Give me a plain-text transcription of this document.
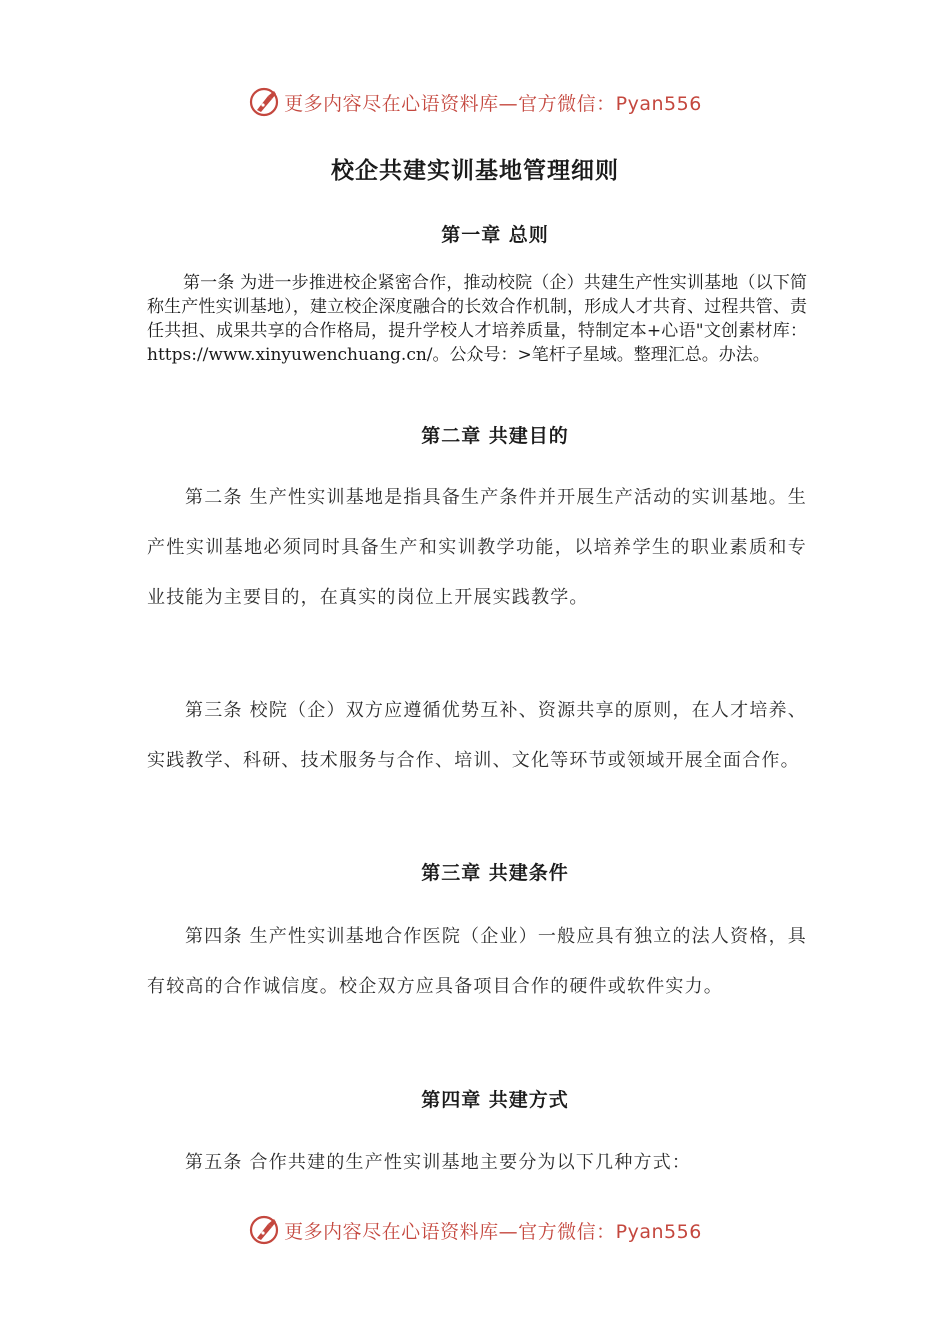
更多内容尽在心语资料库—官方微信：Pyan556
校企共建实训基地管理细则
第一章 总则
第一条 为进一步推进校企紧密合作，推动校院（企）共建生产性实训基地（以下简称生产性实训基地），建立校企深度融合的长效合作机制，形成人才共育、过程共管、责任共担、成果共享的合作格局，提升学校人才培养质量，特制定本+心语"文创素材库：https://www.xinyuwenchuang.cn/。公众号：>笔杆子星域。整理汇总。办法。
第二章 共建目的
第二条 生产性实训基地是指具备生产条件并开展生产活动的实训基地。生产性实训基地必须同时具备生产和实训教学功能，以培养学生的职业素质和专业技能为主要目的，在真实的岗位上开展实践教学。
第三条 校院（企）双方应遵循优势互补、资源共享的原则，在人才培养、实践教学、科研、技术服务与合作、培训、文化等环节或领域开展全面合作。
第三章 共建条件
第四条 生产性实训基地合作医院（企业）一般应具有独立的法人资格，具有较高的合作诚信度。校企双方应具备项目合作的硬件或软件实力。
第四章 共建方式
第五条 合作共建的生产性实训基地主要分为以下几种方式：
更多内容尽在心语资料库—官方微信：Pyan556
